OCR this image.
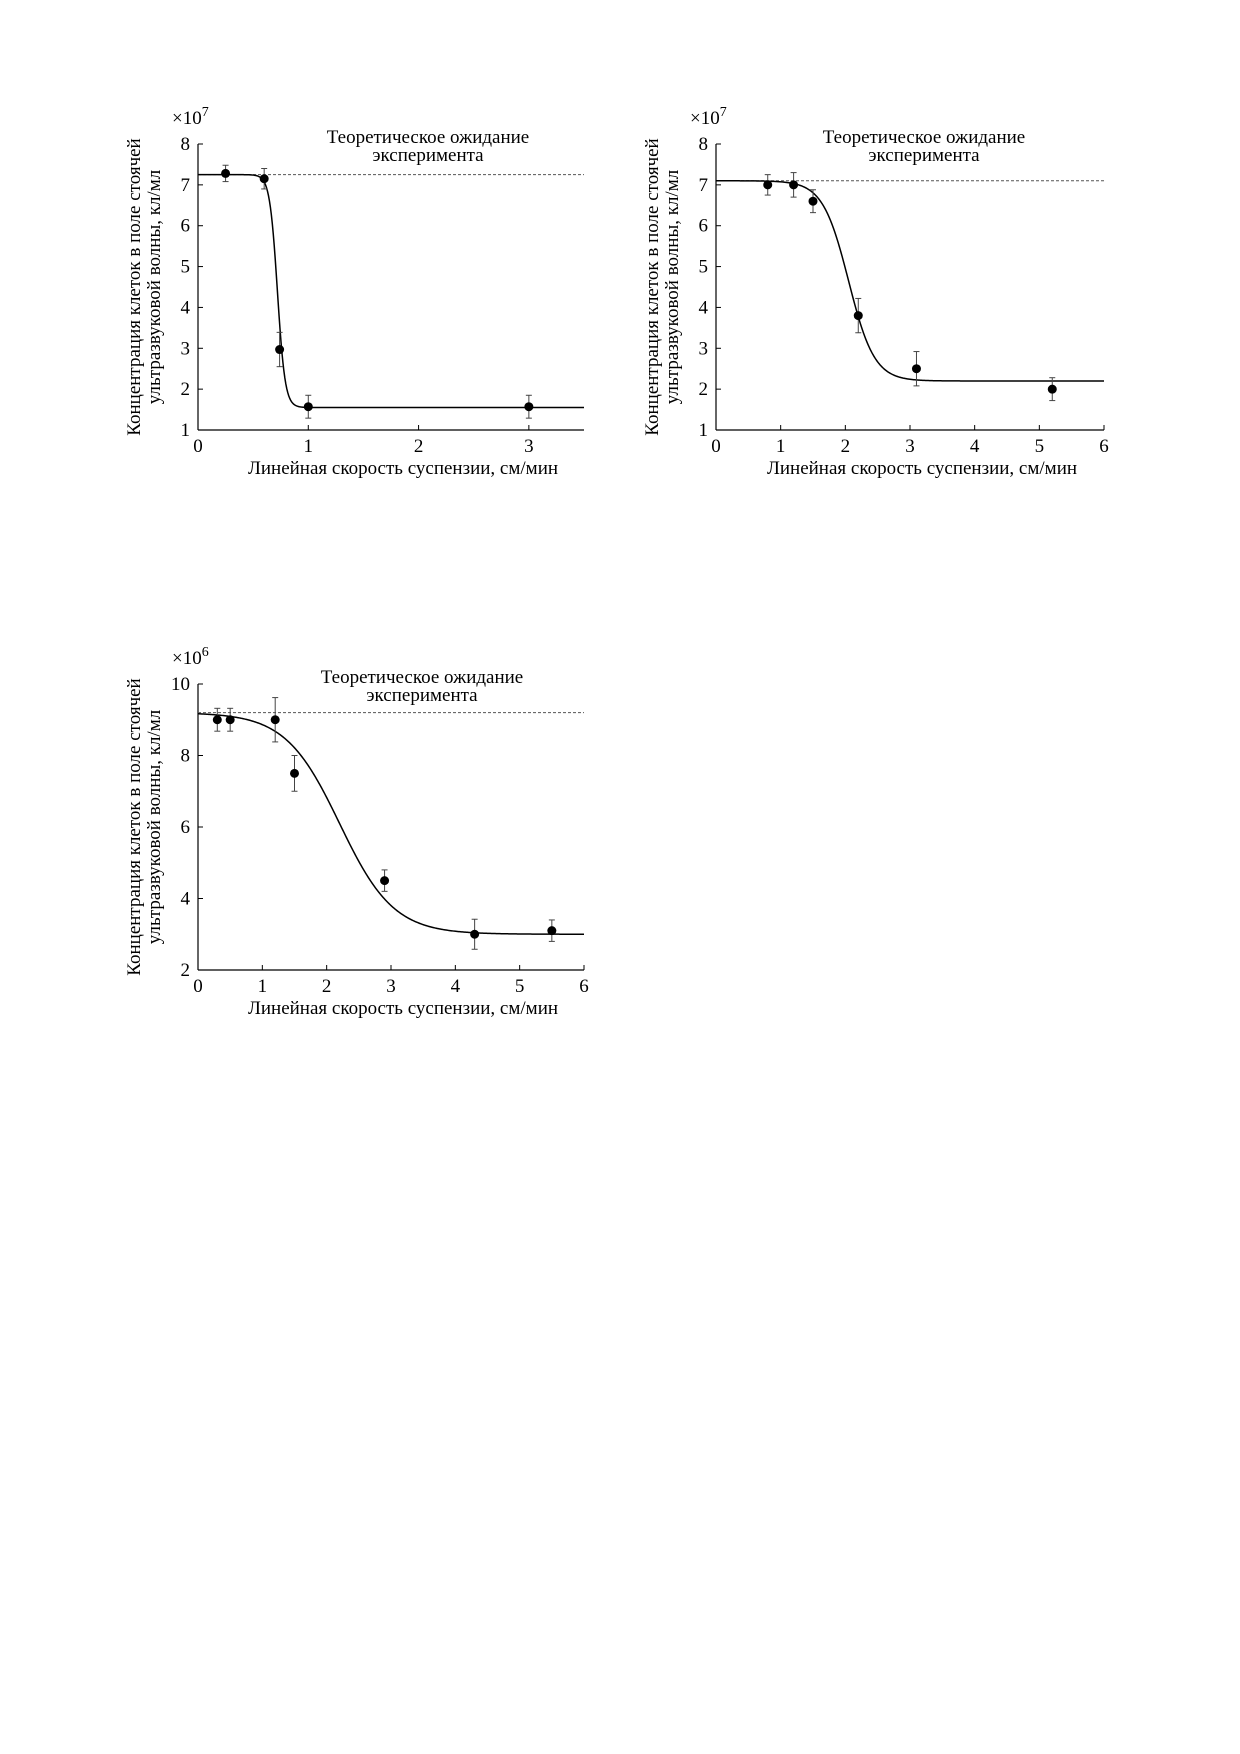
1
2
3
4
5
6
7
8
0	1	2	3
$\times 10^7$
Линейная скорость суспензии, см/мин
Концентрация клеток в поле стоячей ультразвуковой волны, кл/мл
Теоретическое ожидание
эксперимента
1
2
3
4
5
6
7
8
0	1	2	3	4	5	6
$\times 10^7$
Линейная скорость суспензии, см/мин
Концентрация клеток в поле стоячей ультразвуковой волны, кл/мл
Теоретическое ожидание
эксперимента
2
4
6
8
10
0	1	2	3	4	5	6
$\times 10^6$
Линейная скорость суспензии, см/мин
Концентрация клеток в поле стоячей ультразвуковой волны, кл/мл
Теоретическое ожидание
эксперимента
